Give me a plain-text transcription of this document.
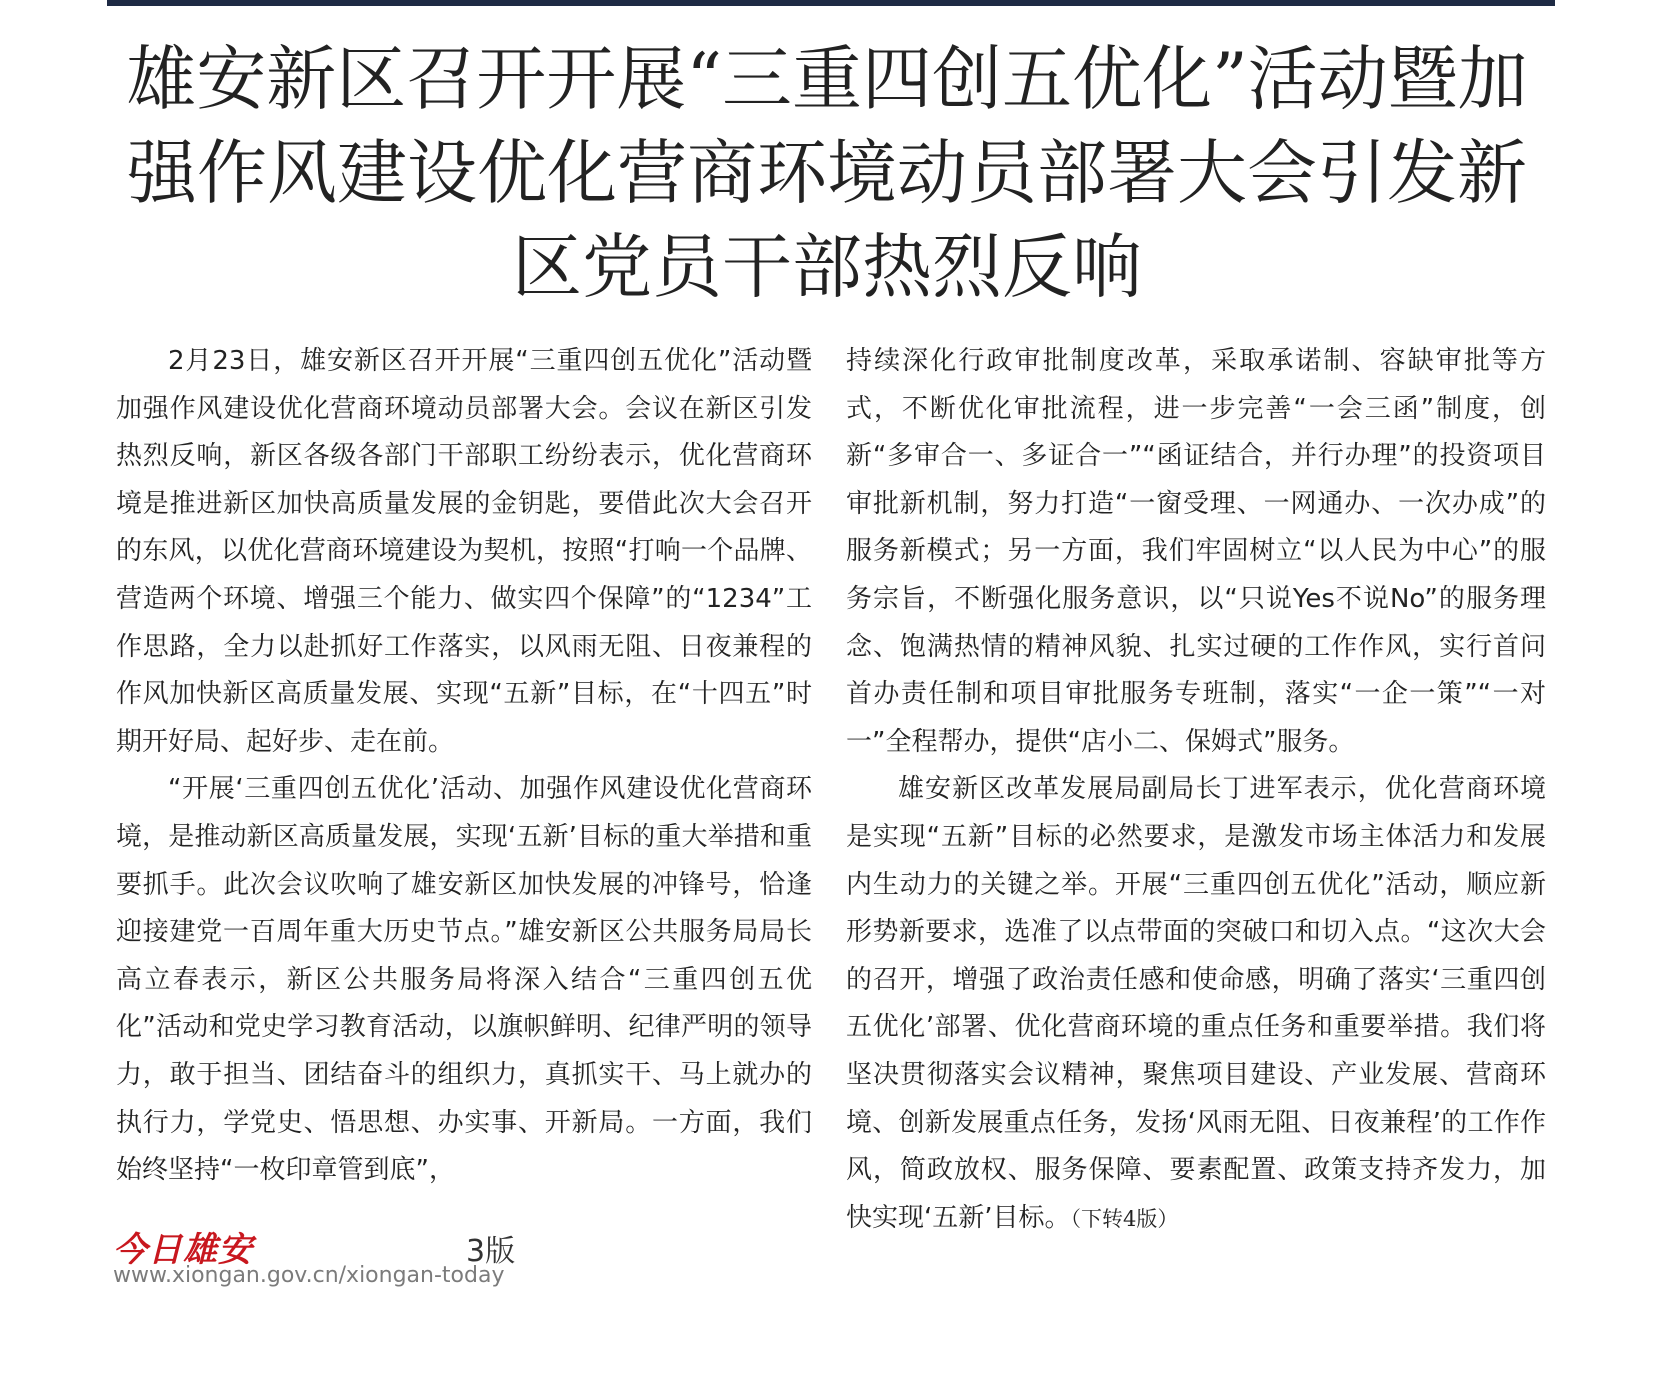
雄安新区召开开展“三重四创五优化”活动暨加强作风建设优化营商环境动员部署大会引发新区党员干部热烈反响

2月23日，雄安新区召开开展“三重四创五优化”活动暨加强作风建设优化营商环境动员部署大会。会议在新区引发热烈反响，新区各级各部门干部职工纷纷表示，优化营商环境是推进新区加快高质量发展的金钥匙，要借此次大会召开的东风，以优化营商环境建设为契机，按照“打响一个品牌、营造两个环境、增强三个能力、做实四个保障”的“1234”工作思路，全力以赴抓好工作落实，以风雨无阻、日夜兼程的作风加快新区高质量发展、实现“五新”目标，在“十四五”时期开好局、起好步、走在前。

“开展‘三重四创五优化’活动、加强作风建设优化营商环境，是推动新区高质量发展，实现‘五新’目标的重大举措和重要抓手。此次会议吹响了雄安新区加快发展的冲锋号，恰逢迎接建党一百周年重大历史节点。”雄安新区公共服务局局长高立春表示，新区公共服务局将深入结合“三重四创五优化”活动和党史学习教育活动，以旗帜鲜明、纪律严明的领导力，敢于担当、团结奋斗的组织力，真抓实干、马上就办的执行力，学党史、悟思想、办实事、开新局。一方面，我们始终坚持“一枚印章管到底”，

持续深化行政审批制度改革，采取承诺制、容缺审批等方式，不断优化审批流程，进一步完善“一会三函”制度，创新“多审合一、多证合一”“函证结合，并行办理”的投资项目审批新机制，努力打造“一窗受理、一网通办、一次办成”的服务新模式；另一方面，我们牢固树立“以人民为中心”的服务宗旨，不断强化服务意识，以“只说Yes不说No”的服务理念、饱满热情的精神风貌、扎实过硬的工作作风，实行首问首办责任制和项目审批服务专班制，落实“一企一策”“一对一”全程帮办，提供“店小二、保姆式”服务。

雄安新区改革发展局副局长丁进军表示，优化营商环境是实现“五新”目标的必然要求，是激发市场主体活力和发展内生动力的关键之举。开展“三重四创五优化”活动，顺应新形势新要求，选准了以点带面的突破口和切入点。“这次大会的召开，增强了政治责任感和使命感，明确了落实‘三重四创五优化’部署、优化营商环境的重点任务和重要举措。我们将坚决贯彻落实会议精神，聚焦项目建设、产业发展、营商环境、创新发展重点任务，发扬‘风雨无阻、日夜兼程’的工作作风，简政放权、服务保障、要素配置、政策支持齐发力，加快实现‘五新’目标。（下转4版）

今日雄安	3版
www.xiongan.gov.cn/xiongan-today
